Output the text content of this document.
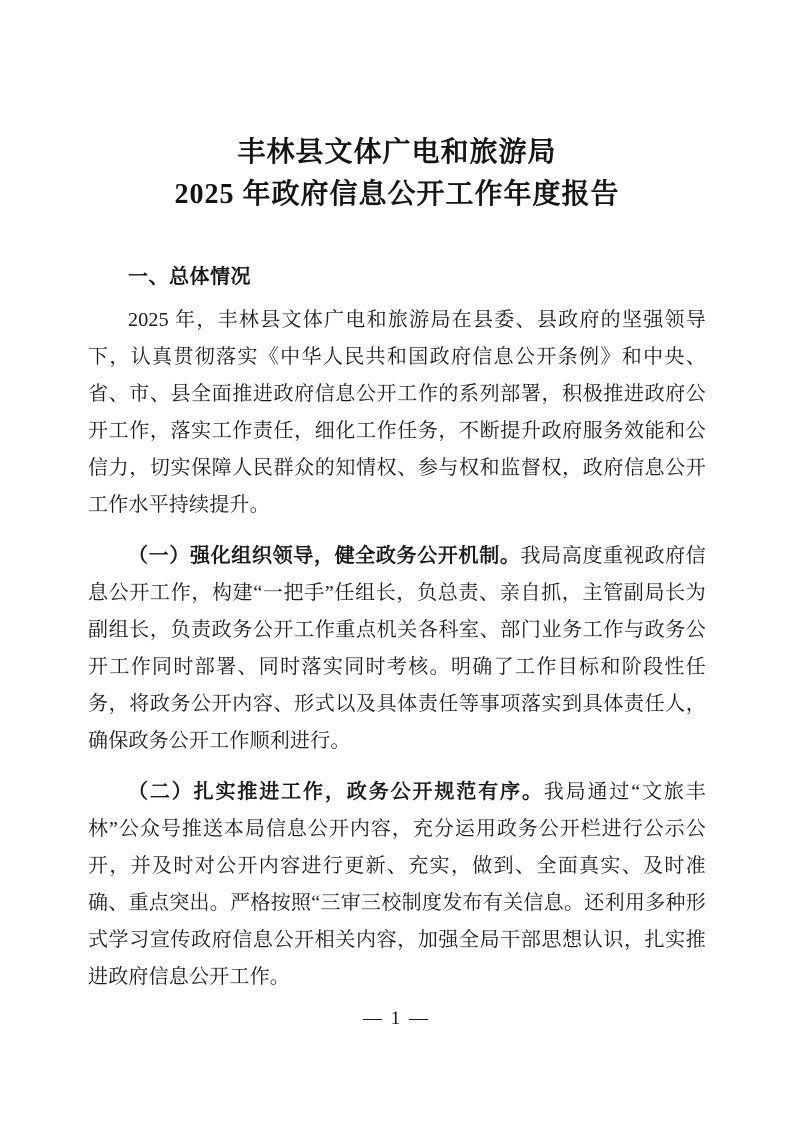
丰林县文体广电和旅游局
2025 年政府信息公开工作年度报告
一、总体情况

2025 年，丰林县文体广电和旅游局在县委、县政府的坚强领导下，认真贯彻落实《中华人民共和国政府信息公开条例》和中央、省、市、县全面推进政府信息公开工作的系列部署，积极推进政府公开工作，落实工作责任，细化工作任务，不断提升政府服务效能和公信力，切实保障人民群众的知情权、参与权和监督权，政府信息公开工作水平持续提升。

（一）强化组织领导，健全政务公开机制。我局高度重视政府信息公开工作，构建“一把手”任组长，负总责、亲自抓，主管副局长为副组长，负责政务公开工作重点机关各科室、部门业务工作与政务公开工作同时部署、同时落实同时考核。明确了工作目标和阶段性任务，将政务公开内容、形式以及具体责任等事项落实到具体责任人，确保政务公开工作顺利进行。

（二）扎实推进工作，政务公开规范有序。我局通过“文旅丰林”公众号推送本局信息公开内容，充分运用政务公开栏进行公示公开，并及时对公开内容进行更新、充实，做到、全面真实、及时准确、重点突出。严格按照“三审三校制度发布有关信息。还利用多种形式学习宣传政府信息公开相关内容，加强全局干部思想认识，扎实推进政府信息公开工作。

— 1 —
